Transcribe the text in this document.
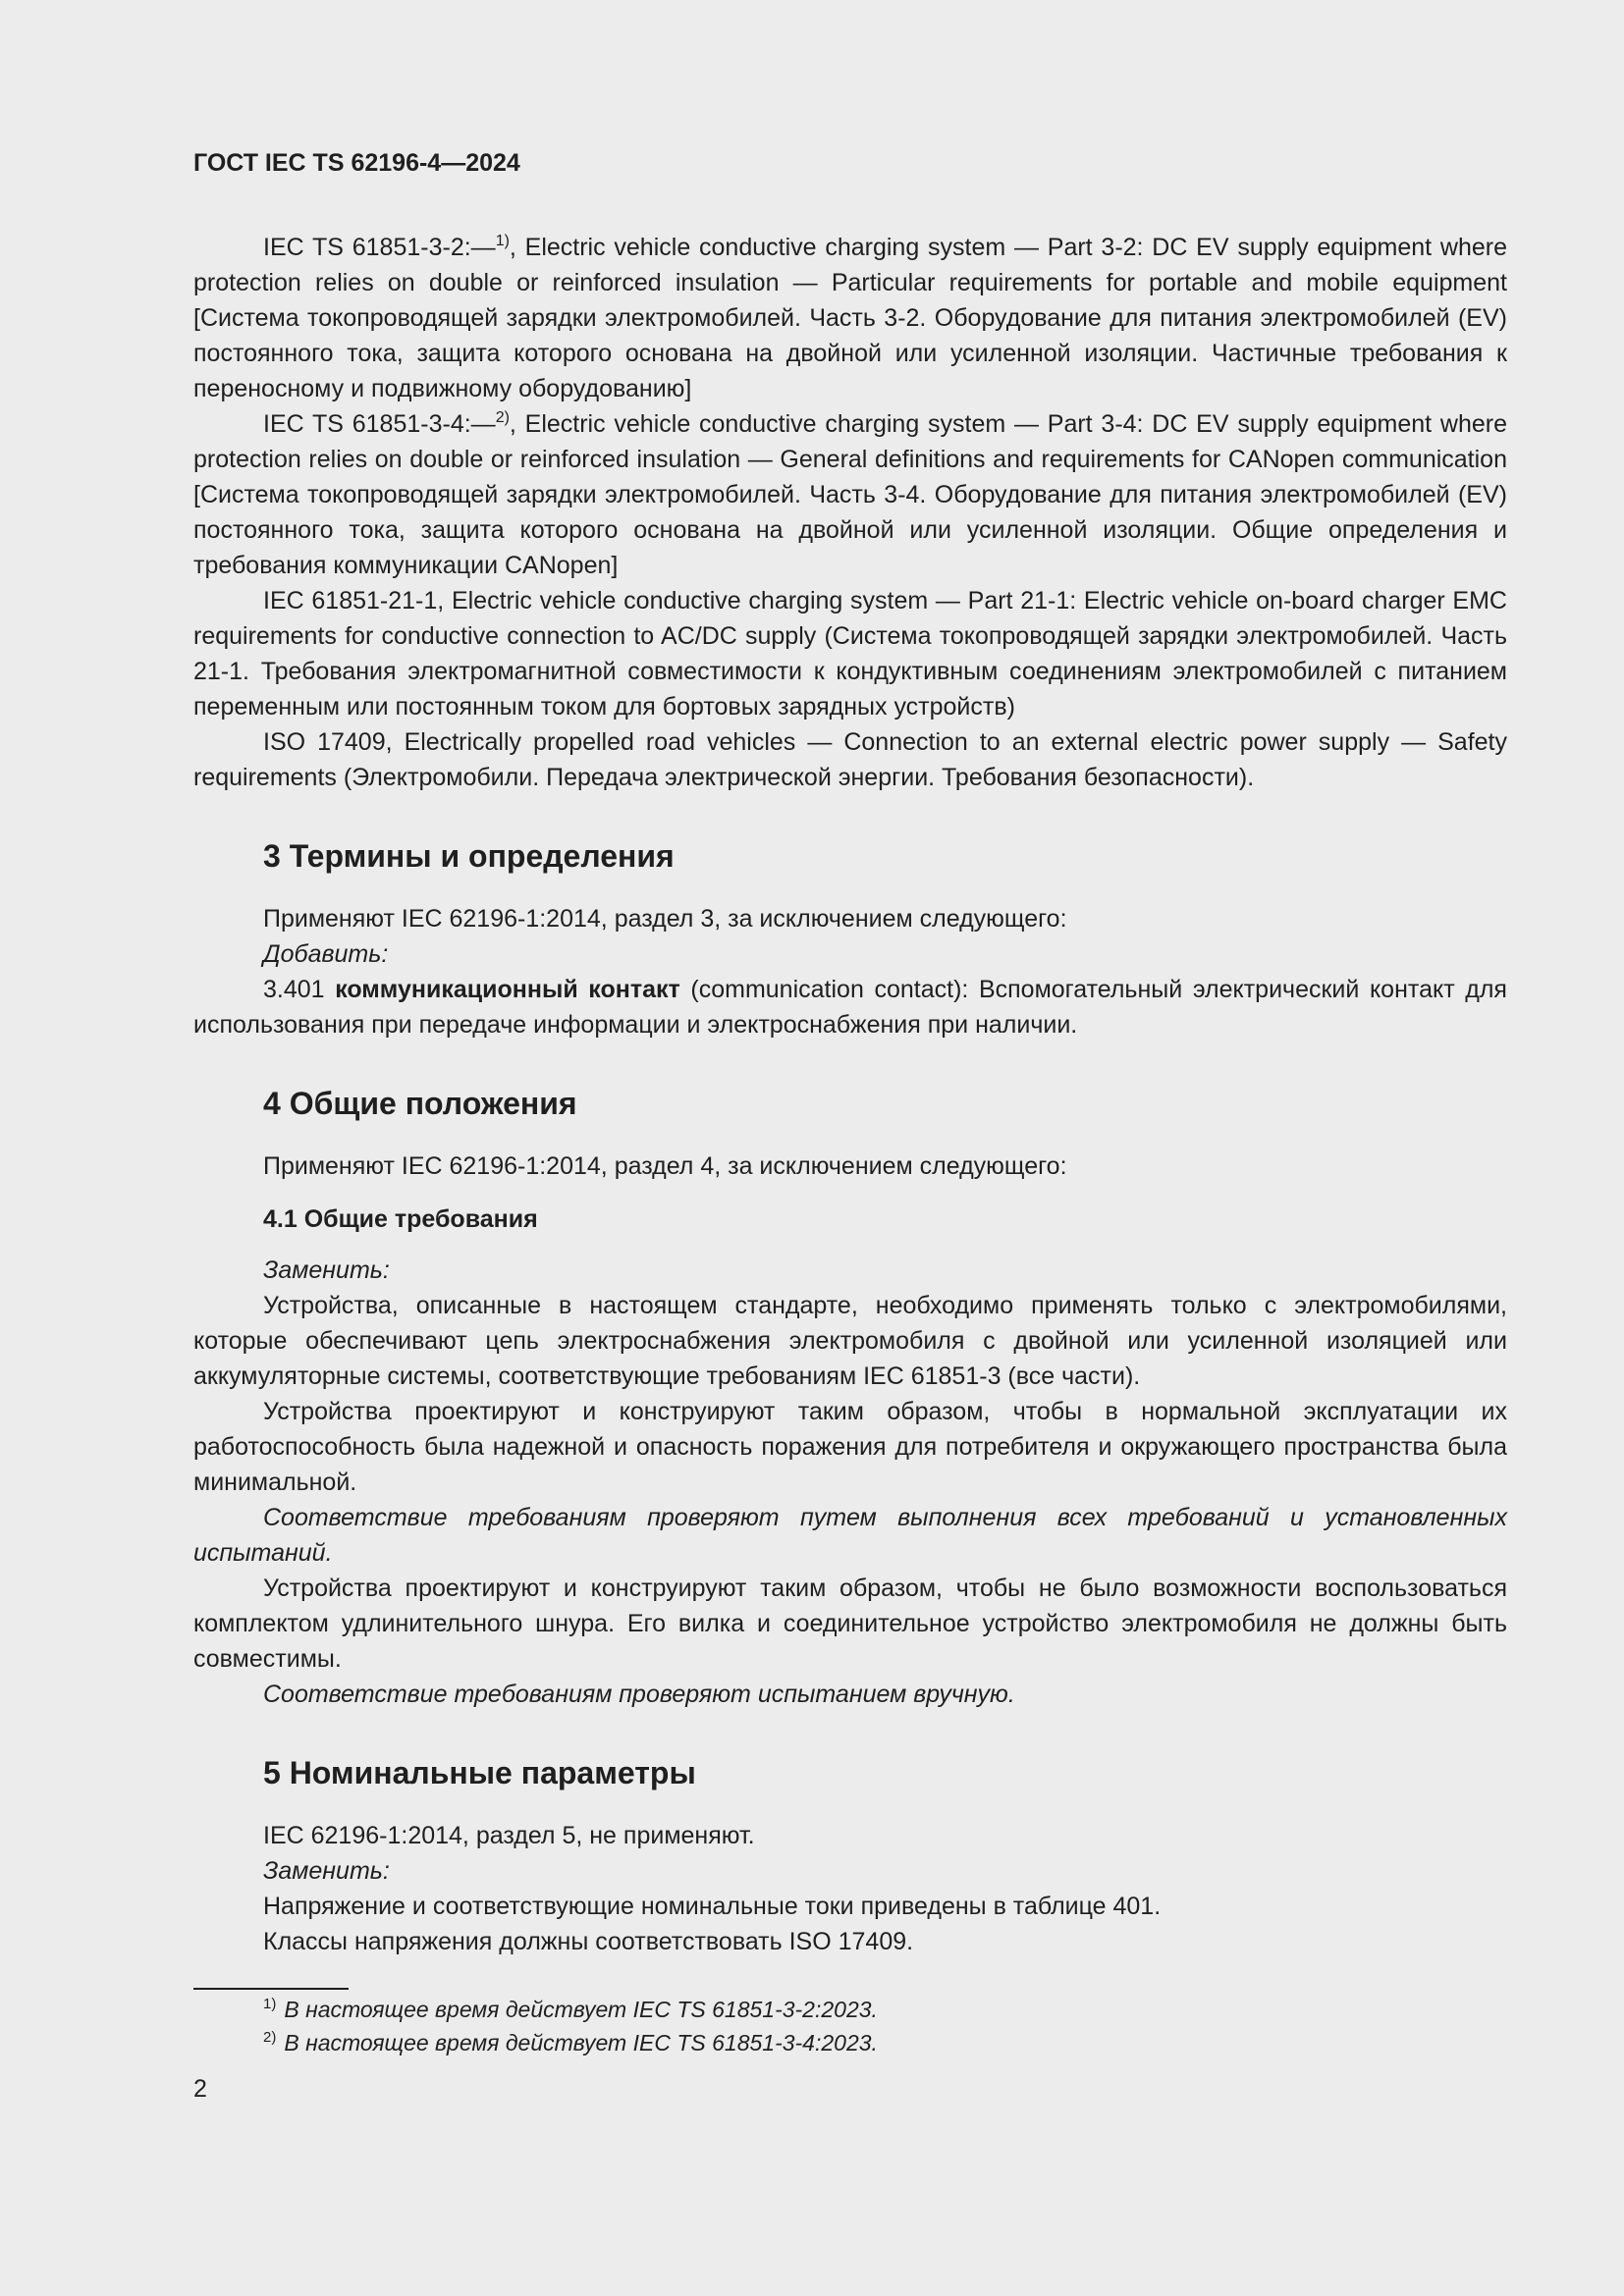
ГОСТ IEC TS 62196-4—2024

IEC TS 61851-3-2:—$^{1)}$, Electric vehicle conductive charging system — Part 3-2: DC EV supply equipment where protection relies on double or reinforced insulation — Particular requirements for portable and mobile equipment [Система токопроводящей зарядки электромобилей. Часть 3-2. Оборудование для питания электромобилей (EV) постоянного тока, защита которого основана на двойной или усиленной изоляции. Частичные требования к переносному и подвижному оборудованию]

IEC TS 61851-3-4:—$^{2)}$, Electric vehicle conductive charging system — Part 3-4: DC EV supply equipment where protection relies on double or reinforced insulation — General definitions and requirements for CANopen communication [Система токопроводящей зарядки электромобилей. Часть 3-4. Оборудование для питания электромобилей (EV) постоянного тока, защита которого основана на двойной или усиленной изоляции. Общие определения и требования коммуникации CANopen]

IEC 61851-21-1, Electric vehicle conductive charging system — Part 21-1: Electric vehicle on-board charger EMC requirements for conductive connection to AC/DC supply (Система токопроводящей зарядки электромобилей. Часть 21-1. Требования электромагнитной совместимости к кондуктивным соединениям электромобилей с питанием переменным или постоянным током для бортовых зарядных устройств)

ISO 17409, Electrically propelled road vehicles — Connection to an external electric power supply — Safety requirements (Электромобили. Передача электрической энергии. Требования безопасности).

3 Термины и определения

Применяют IEC 62196-1:2014, раздел 3, за исключением следующего:

Добавить:

3.401 коммуникационный контакт (communication contact): Вспомогательный электрический контакт для использования при передаче информации и электроснабжения при наличии.

4 Общие положения

Применяют IEC 62196-1:2014, раздел 4, за исключением следующего:

4.1 Общие требования

Заменить:

Устройства, описанные в настоящем стандарте, необходимо применять только с электромобилями, которые обеспечивают цепь электроснабжения электромобиля с двойной или усиленной изоляцией или аккумуляторные системы, соответствующие требованиям IEC 61851-3 (все части).

Устройства проектируют и конструируют таким образом, чтобы в нормальной эксплуатации их работоспособность была надежной и опасность поражения для потребителя и окружающего пространства была минимальной.

Соответствие требованиям проверяют путем выполнения всех требований и установленных испытаний.

Устройства проектируют и конструируют таким образом, чтобы не было возможности воспользоваться комплектом удлинительного шнура. Его вилка и соединительное устройство электромобиля не должны быть совместимы.

Соответствие требованиям проверяют испытанием вручную.

5 Номинальные параметры

IEC 62196-1:2014, раздел 5, не применяют.

Заменить:

Напряжение и соответствующие номинальные токи приведены в таблице 401.

Классы напряжения должны соответствовать ISO 17409.

$^{1)}$ В настоящее время действует IEC TS 61851-3-2:2023.

$^{2)}$ В настоящее время действует IEC TS 61851-3-4:2023.

2
